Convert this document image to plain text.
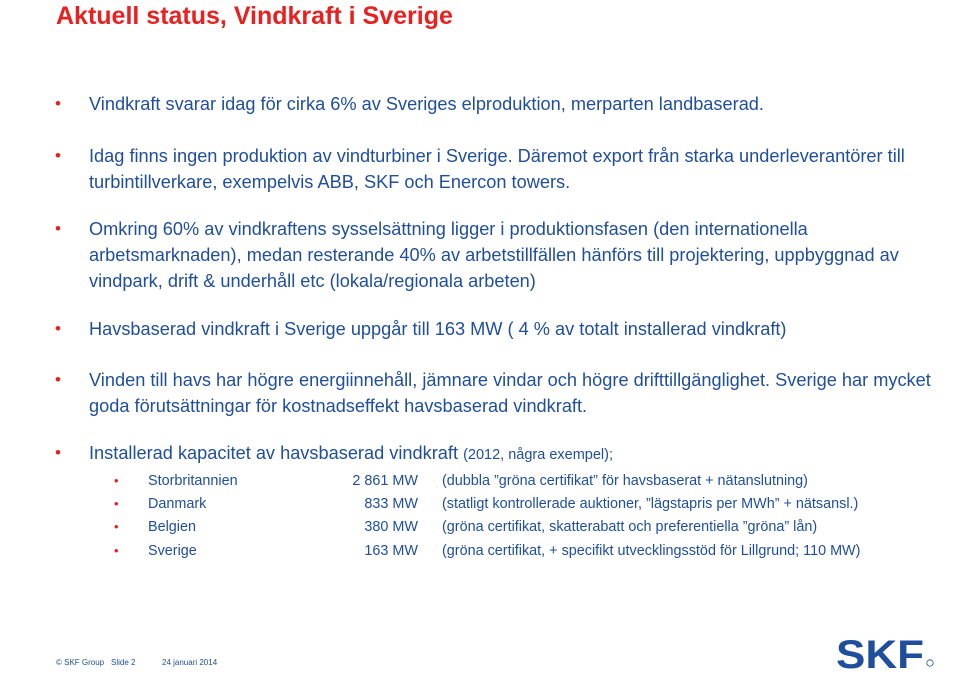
Aktuell status, Vindkraft i Sverige
• Vindkraft svarar idag för cirka 6% av Sveriges elproduktion, merparten landbaserad.
• Idag finns ingen produktion av vindturbiner i Sverige. Däremot export från starka underleverantörer till turbintillverkare, exempelvis ABB, SKF och Enercon towers.
• Omkring 60% av vindkraftens sysselsättning ligger i produktionsfasen (den internationella arbetsmarknaden), medan resterande 40% av arbetstillfällen hänförs till projektering, uppbyggnad av vindpark, drift & underhåll etc (lokala/regionala arbeten)
• Havsbaserad vindkraft i Sverige uppgår till 163 MW ( 4 % av totalt installerad vindkraft)
• Vinden till havs har högre energiinnehåll, jämnare vindar och högre drifttillgänglighet. Sverige har mycket goda förutsättningar för kostnadseffekt havsbaserad vindkraft.
• Installerad kapacitet av havsbaserad vindkraft (2012, några exempel);
• Storbritannien	2 861 MW (dubbla ”gröna certifikat” för havsbaserat + nätanslutning)
• Danmark	833 MW (statligt kontrollerade auktioner, ”lägstapris per MWh” + nätsansl.)
• Belgien	380 MW (gröna certifikat, skatterabatt och preferentiella ”gröna” lån)
• Sverige	163 MW (gröna certifikat, + specifikt utvecklingsstöd för Lillgrund; 110 MW)
© SKF Group Slide 2	24 januari 2014	SKF
